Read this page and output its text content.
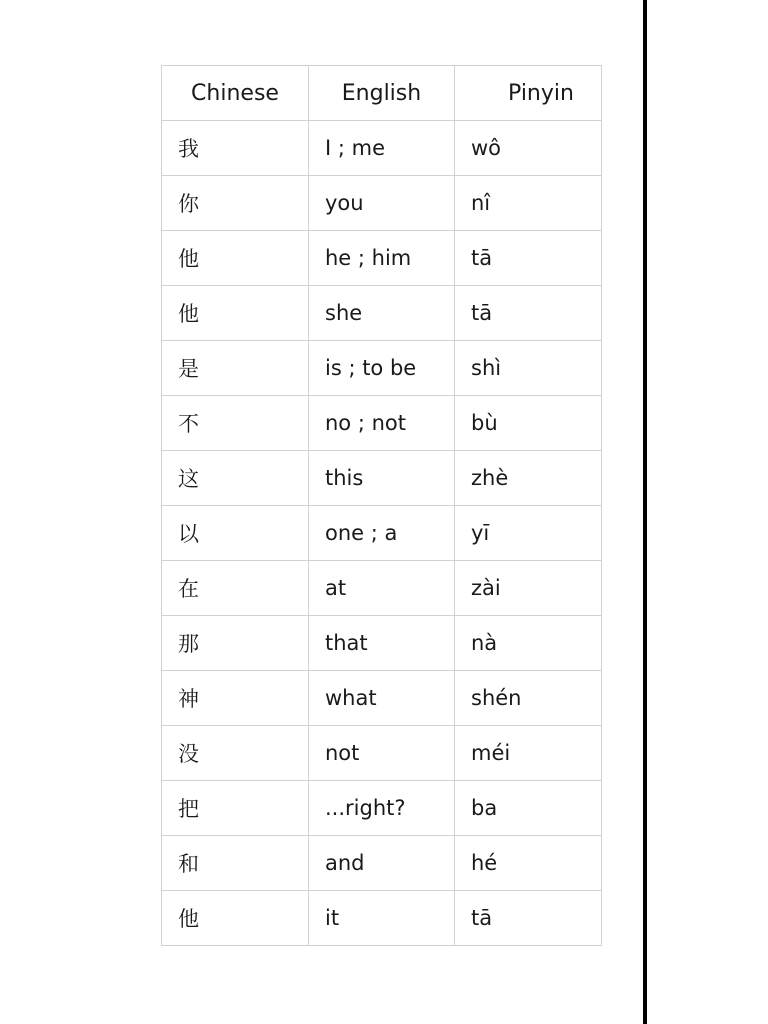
Chinese	English	Pinyin
我	I ; me	wô
你	you	nî
他	he ; him	tā
他	she	tā
是	is ; to be	shì
不	no ; not	bù
这	this	zhè
以	one ; a	yī
在	at	zài
那	that	nà
神	what	shén
没	not	méi
把	...right?	ba
和	and	hé
他	it	tā
